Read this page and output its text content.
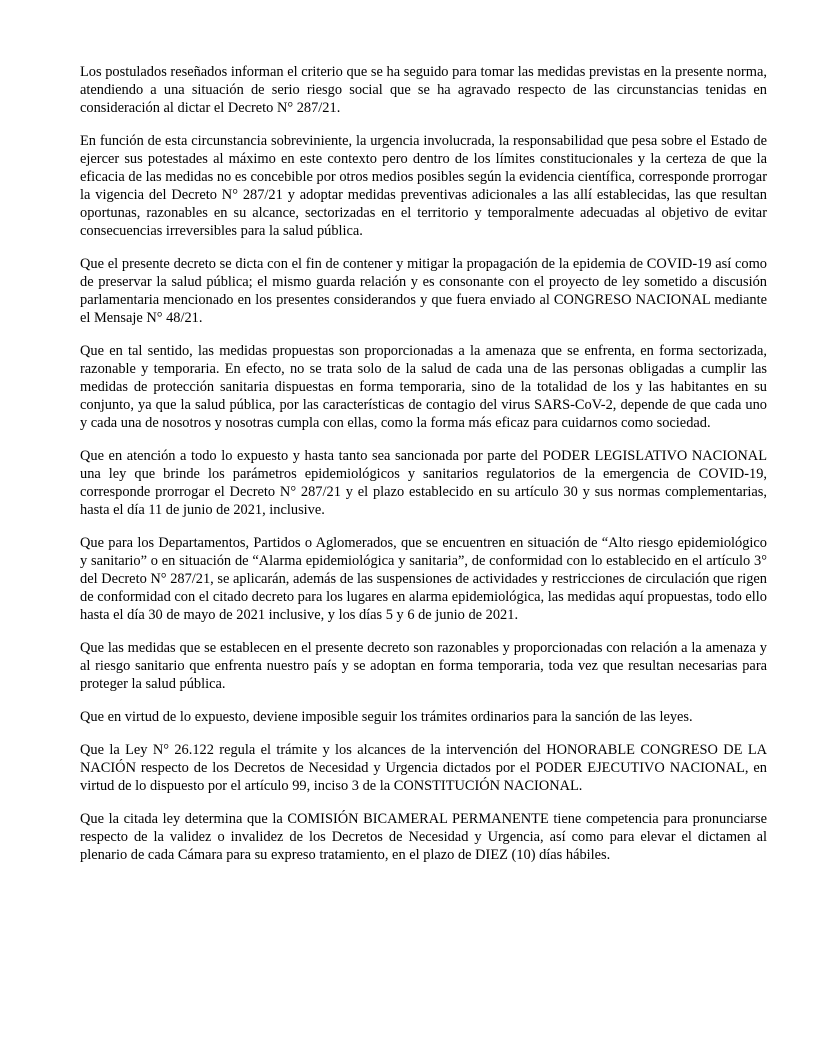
Los postulados reseñados informan el criterio que se ha seguido para tomar las medidas previstas en la presente norma, atendiendo a una situación de serio riesgo social que se ha agravado respecto de las circunstancias tenidas en consideración al dictar el Decreto N° 287/21.

En función de esta circunstancia sobreviniente, la urgencia involucrada, la responsabilidad que pesa sobre el Estado de ejercer sus potestades al máximo en este contexto pero dentro de los límites constitucionales y la certeza de que la eficacia de las medidas no es concebible por otros medios posibles según la evidencia científica, corresponde prorrogar la vigencia del Decreto N° 287/21 y adoptar medidas preventivas adicionales a las allí establecidas, las que resultan oportunas, razonables en su alcance, sectorizadas en el territorio y temporalmente adecuadas al objetivo de evitar consecuencias irreversibles para la salud pública.

Que el presente decreto se dicta con el fin de contener y mitigar la propagación de la epidemia de COVID-19 así como de preservar la salud pública; el mismo guarda relación y es consonante con el proyecto de ley sometido a discusión parlamentaria mencionado en los presentes considerandos y que fuera enviado al CONGRESO NACIONAL mediante el Mensaje N° 48/21.

Que en tal sentido, las medidas propuestas son proporcionadas a la amenaza que se enfrenta, en forma sectorizada, razonable y temporaria. En efecto, no se trata solo de la salud de cada una de las personas obligadas a cumplir las medidas de protección sanitaria dispuestas en forma temporaria, sino de la totalidad de los y las habitantes en su conjunto, ya que la salud pública, por las características de contagio del virus SARS-CoV-2, depende de que cada uno y cada una de nosotros y nosotras cumpla con ellas, como la forma más eficaz para cuidarnos como sociedad.

Que en atención a todo lo expuesto y hasta tanto sea sancionada por parte del PODER LEGISLATIVO NACIONAL una ley que brinde los parámetros epidemiológicos y sanitarios regulatorios de la emergencia de COVID-19, corresponde prorrogar el Decreto N° 287/21 y el plazo establecido en su artículo 30 y sus normas complementarias, hasta el día 11 de junio de 2021, inclusive.

Que para los Departamentos, Partidos o Aglomerados, que se encuentren en situación de “Alto riesgo epidemiológico y sanitario” o en situación de “Alarma epidemiológica y sanitaria”, de conformidad con lo establecido en el artículo 3° del Decreto N° 287/21, se aplicarán, además de las suspensiones de actividades y restricciones de circulación que rigen de conformidad con el citado decreto para los lugares en alarma epidemiológica, las medidas aquí propuestas, todo ello hasta el día 30 de mayo de 2021 inclusive, y los días 5 y 6 de junio de 2021.

Que las medidas que se establecen en el presente decreto son razonables y proporcionadas con relación a la amenaza y al riesgo sanitario que enfrenta nuestro país y se adoptan en forma temporaria, toda vez que resultan necesarias para proteger la salud pública.

Que en virtud de lo expuesto, deviene imposible seguir los trámites ordinarios para la sanción de las leyes.

Que la Ley N° 26.122 regula el trámite y los alcances de la intervención del HONORABLE CONGRESO DE LA NACIÓN respecto de los Decretos de Necesidad y Urgencia dictados por el PODER EJECUTIVO NACIONAL, en virtud de lo dispuesto por el artículo 99, inciso 3 de la CONSTITUCIÓN NACIONAL.

Que la citada ley determina que la COMISIÓN BICAMERAL PERMANENTE tiene competencia para pronunciarse respecto de la validez o invalidez de los Decretos de Necesidad y Urgencia, así como para elevar el dictamen al plenario de cada Cámara para su expreso tratamiento, en el plazo de DIEZ (10) días hábiles.
